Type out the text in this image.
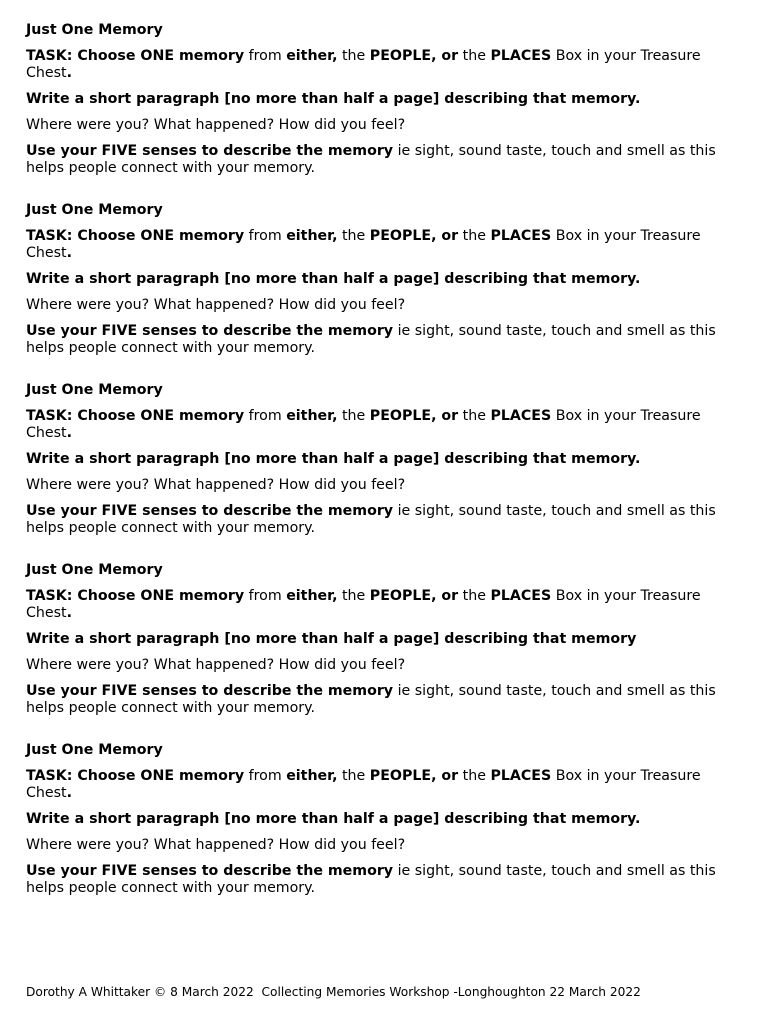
Just One Memory

TASK: Choose ONE memory from either, the PEOPLE, or the PLACES Box in your Treasure Chest.

Write a short paragraph [no more than half a page] describing that memory.

Where were you? What happened? How did you feel?

Use your FIVE senses to describe the memory ie sight, sound taste, touch and smell as this helps people connect with your memory.

_____________________________________________________________________

Just One Memory

TASK: Choose ONE memory from either, the PEOPLE, or the PLACES Box in your Treasure Chest.

Write a short paragraph [no more than half a page] describing that memory.

Where were you? What happened? How did you feel?

Use your FIVE senses to describe the memory ie sight, sound taste, touch and smell as this helps people connect with your memory.

____________________________________________________________________________

Just One Memory

TASK: Choose ONE memory from either, the PEOPLE, or the PLACES Box in your Treasure Chest.

Write a short paragraph [no more than half a page] describing that memory.

Where were you? What happened? How did you feel?

Use your FIVE senses to describe the memory ie sight, sound taste, touch and smell as this helps people connect with your memory.

____________________________________________________________________________

Just One Memory

TASK: Choose ONE memory from either, the PEOPLE, or the PLACES Box in your Treasure Chest.

Write a short paragraph [no more than half a page] describing that memory

Where were you? What happened? How did you feel?

Use your FIVE senses to describe the memory ie sight, sound taste, touch and smell as this helps people connect with your memory.

____________________________________________________________________________

Just One Memory

TASK: Choose ONE memory from either, the PEOPLE, or the PLACES Box in your Treasure Chest.

Write a short paragraph [no more than half a page] describing that memory.

Where were you? What happened? How did you feel?

Use your FIVE senses to describe the memory ie sight, sound taste, touch and smell as this helps people connect with your memory.

Dorothy A Whittaker © 8 March 2022  Collecting Memories Workshop -Longhoughton 22 March 2022
